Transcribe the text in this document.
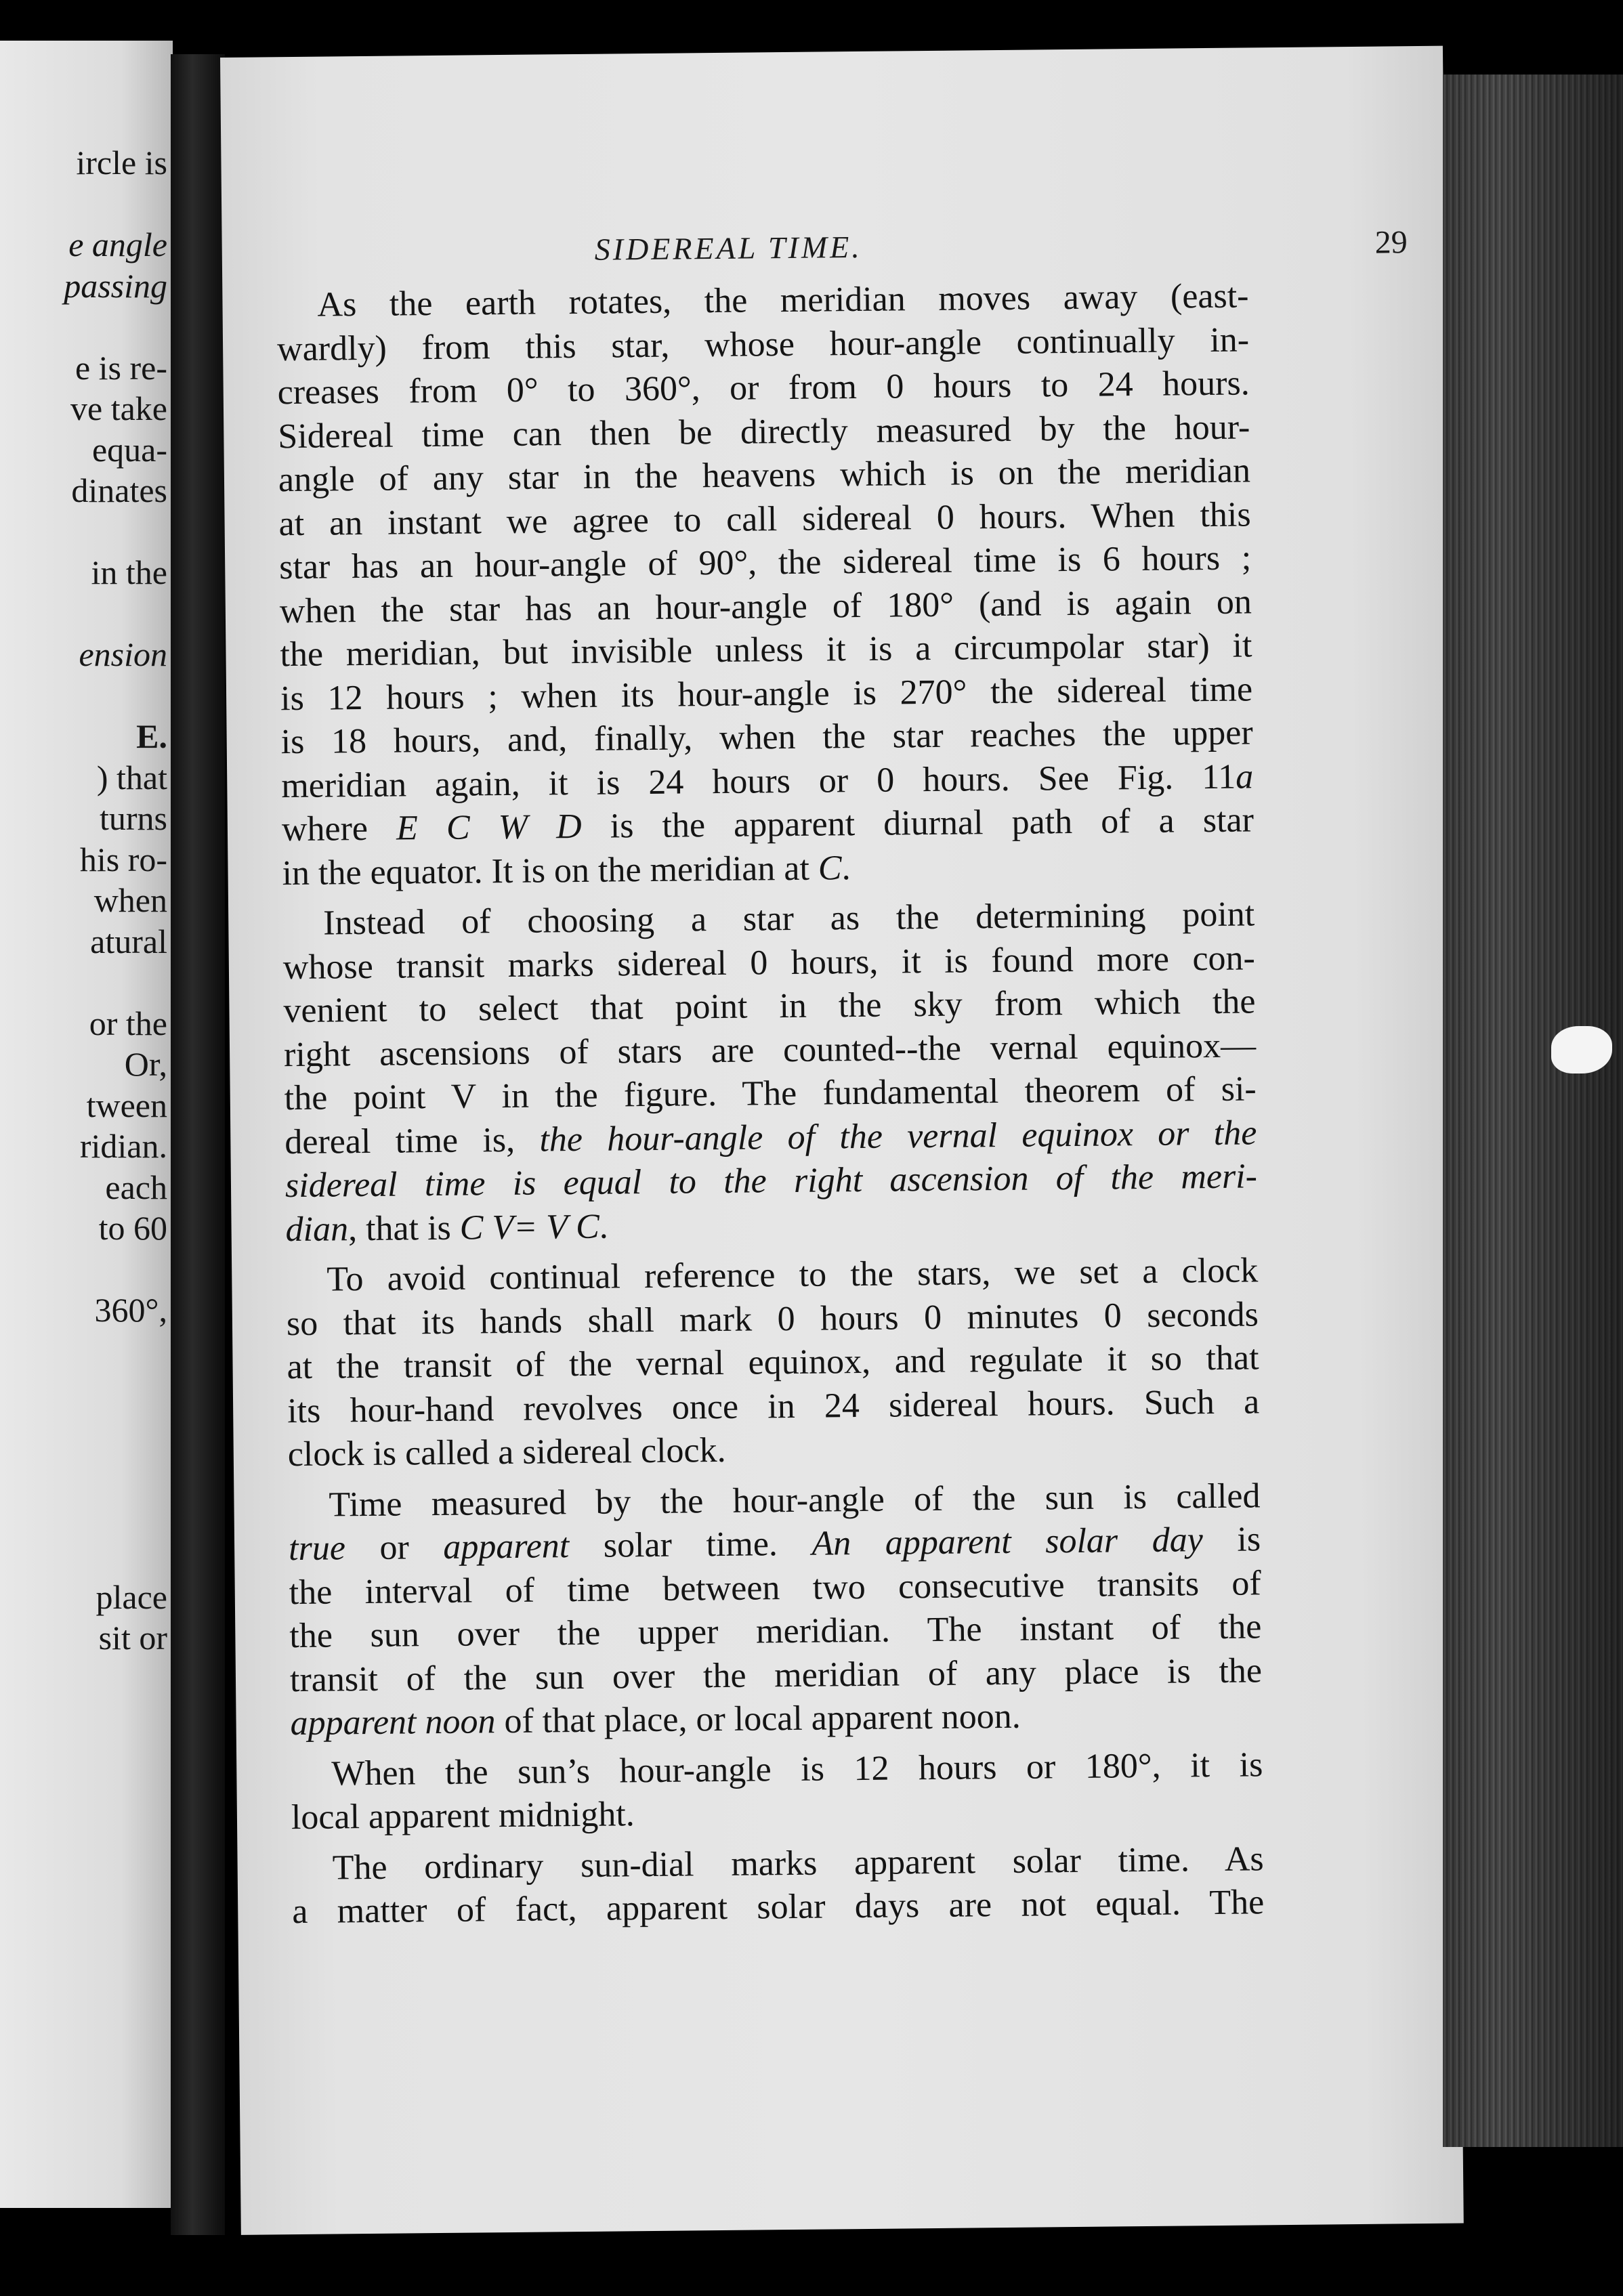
ircle is
e angle
passing
e is re-
ve take
equa-
dinates
in the
ension
E.
) that
turns
his ro-
when
atural
or the
Or,
tween
ridian.
each
to 60
360°,
place
sit or
SIDEREAL TIME.	29
As the earth rotates, the meridian moves away (east-
wardly) from this star, whose hour-angle continually in-
creases from 0° to 360°, or from 0 hours to 24 hours.
Sidereal time can then be directly measured by the hour-
angle of any star in the heavens which is on the meridian
at an instant we agree to call sidereal 0 hours. When this
star has an hour-angle of 90°, the sidereal time is 6 hours ;
when the star has an hour-angle of 180° (and is again on
the meridian, but invisible unless it is a circumpolar star) it
is 12 hours ; when its hour-angle is 270° the sidereal time
is 18 hours, and, finally, when the star reaches the upper
meridian again, it is 24 hours or 0 hours. See Fig. 11a
where E C W D is the apparent diurnal path of a star
in the equator. It is on the meridian at C.
Instead of choosing a star as the determining point
whose transit marks sidereal 0 hours, it is found more con-
venient to select that point in the sky from which the
right ascensions of stars are counted--the vernal equinox—
the point V in the figure. The fundamental theorem of si-
dereal time is, the hour-angle of the vernal equinox or the
sidereal time is equal to the right ascension of the meri-
dian, that is C V= V C.
To avoid continual reference to the stars, we set a clock
so that its hands shall mark 0 hours 0 minutes 0 seconds
at the transit of the vernal equinox, and regulate it so that
its hour-hand revolves once in 24 sidereal hours. Such a
clock is called a sidereal clock.
Time measured by the hour-angle of the sun is called
true or apparent solar time. An apparent solar day is
the interval of time between two consecutive transits of
the sun over the upper meridian. The instant of the
transit of the sun over the meridian of any place is the
apparent noon of that place, or local apparent noon.
When the sun’s hour-angle is 12 hours or 180°, it is
local apparent midnight.
The ordinary sun-dial marks apparent solar time. As
a matter of fact, apparent solar days are not equal. The
